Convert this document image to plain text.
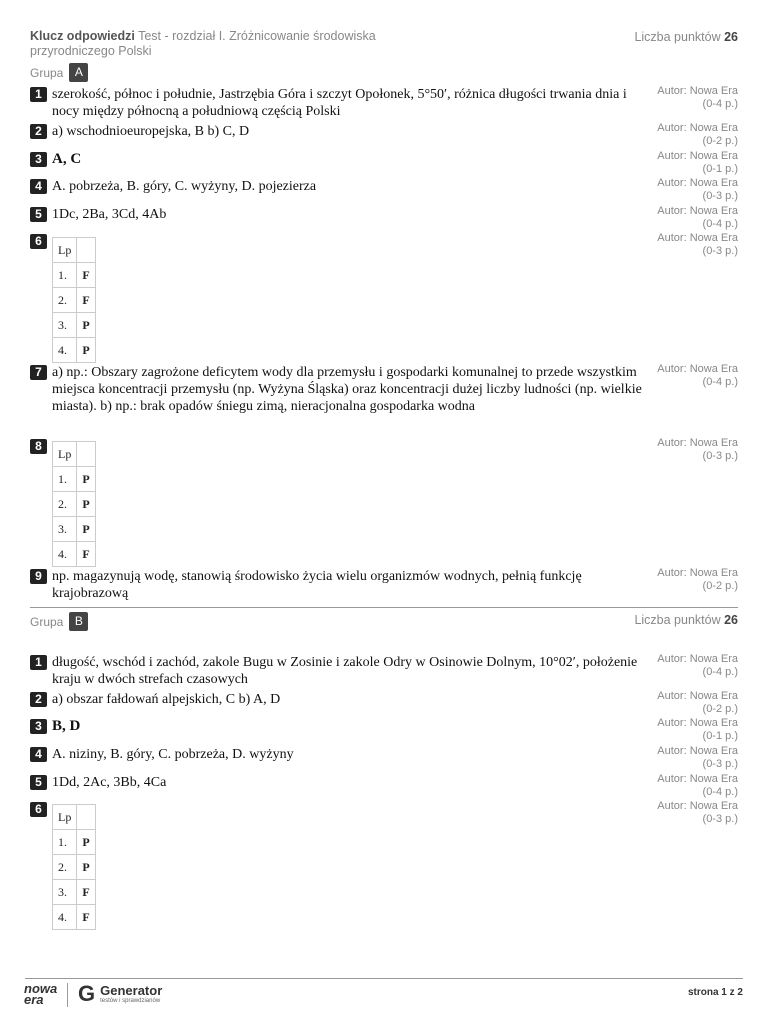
Klucz odpowiedzi Test - rozdział I. Zróżnicowanie środowiska przyrodniczego Polski
Liczba punktów 26
Grupa A
1 szerokość, północ i południe, Jastrzębia Góra i szczyt Opołonek, 5°50′, różnica długości trwania dnia i nocy między północną a południową częścią Polski
Autor: Nowa Era
(0-4 p.)
2 a) wschodnioeuropejska, B b) C, D	Autor: Nowa Era
(0-2 p.)
3 A, C	Autor: Nowa Era
(0-1 p.)
4 A. pobrzeża, B. góry, C. wyżyny, D. pojezierza	Autor: Nowa Era
(0-3 p.)
5 1Dc, 2Ba, 3Cd, 4Ab	Autor: Nowa Era
(0-4 p.)
6	Autor: Nowa Era
(0-3 p.)
Lp	
1.	F
2.	F
3.	P
4.	P
7 a) np.: Obszary zagrożone deficytem wody dla przemysłu i gospodarki komunalnej to przede wszystkim miejsca koncentracji przemysłu (np. Wyżyna Śląska) oraz koncentracji dużej liczby ludności (np. wielkie miasta). b) np.: brak opadów śniegu zimą, nieracjonalna gospodarka wodna
Autor: Nowa Era
(0-4 p.)
8	Autor: Nowa Era
(0-3 p.)
Lp	
1.	P
2.	P
3.	P
4.	F
9 np. magazynują wodę, stanowią środowisko życia wielu organizmów wodnych, pełnią funkcję krajobrazową
Autor: Nowa Era
(0-2 p.)
Grupa B	Liczba punktów 26
1 długość, wschód i zachód, zakole Bugu w Zosinie i zakole Odry w Osinowie Dolnym, 10°02′, położenie kraju w dwóch strefach czasowych
Autor: Nowa Era
(0-4 p.)
2 a) obszar fałdowań alpejskich, C b) A, D	Autor: Nowa Era
(0-2 p.)
3 B, D	Autor: Nowa Era
(0-1 p.)
4 A. niziny, B. góry, C. pobrzeża, D. wyżyny	Autor: Nowa Era
(0-3 p.)
5 1Dd, 2Ac, 3Bb, 4Ca	Autor: Nowa Era
(0-4 p.)
6	Autor: Nowa Era
(0-3 p.)
Lp	
1.	P
2.	P
3.	F
4.	F
nowa era	G Generator
testów i sprawdzianów
strona 1 z 2
